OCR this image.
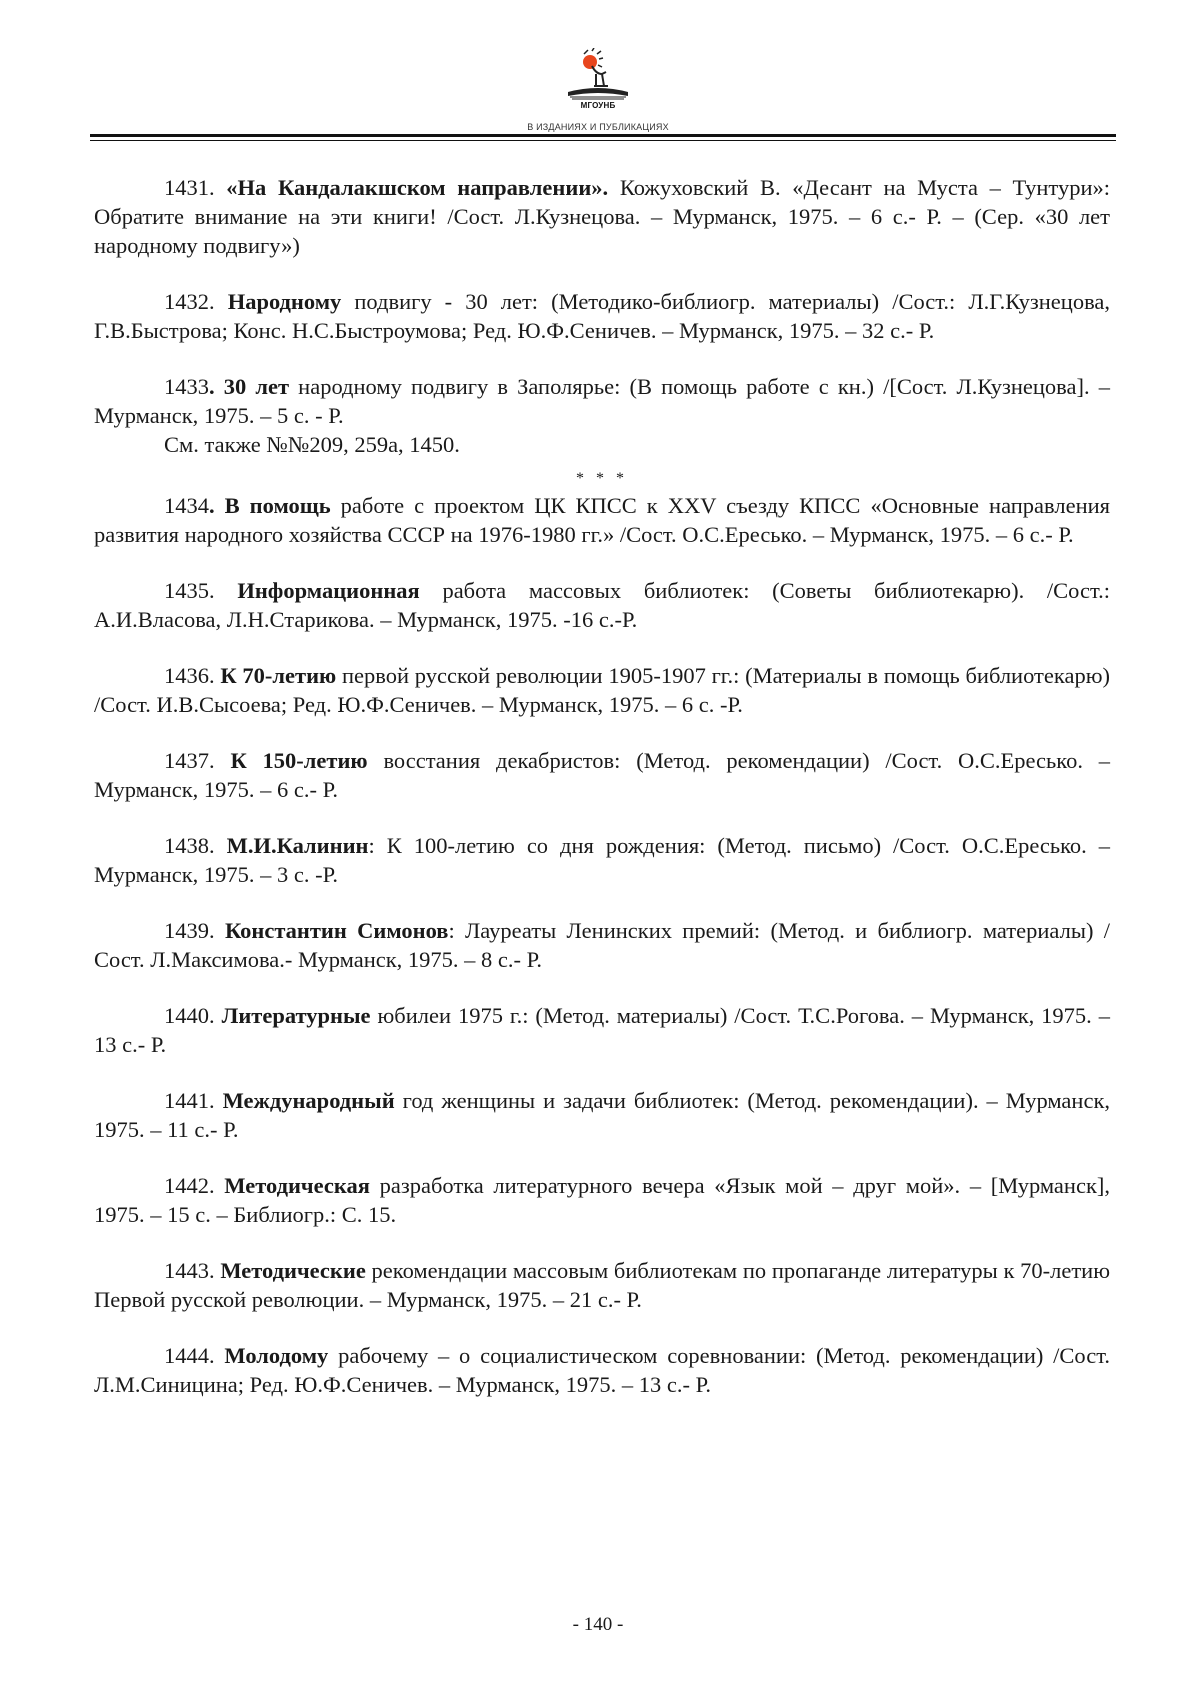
МГОУНБ
В ИЗДАНИЯХ И ПУБЛИКАЦИЯХ

1431. «На Кандалакшском направлении». Кожуховский В. «Десант на Муста – Тунтури»: Обратите внимание на эти книги! /Сост. Л.Кузнецова. – Мурманск, 1975. – 6 с.- Р. – (Сер. «30 лет народному подвигу»)

1432. Народному подвигу - 30 лет: (Методико-библиогр. материалы) /Сост.: Л.Г.Кузнецова, Г.В.Быстрова; Конс. Н.С.Быстроумова; Ред. Ю.Ф.Сеничев. – Мурманск, 1975. – 32 с.- Р.

1433. 30 лет народному подвигу в Заполярье: (В помощь работе с кн.) /[Сост. Л.Кузнецова]. – Мурманск, 1975. – 5 с. - Р.

См. также №№209, 259а, 1450.

* * *

1434. В помощь работе с проектом ЦК КПСС к XXV съезду КПСС «Основные направления развития народного хозяйства СССР на 1976-1980 гг.» /Сост. О.С.Ересько. – Мурманск, 1975. – 6 с.- Р.

1435. Информационная работа массовых библиотек: (Советы библиотекарю). /Сост.: А.И.Власова, Л.Н.Старикова. – Мурманск, 1975. -16 с.-Р.

1436. К 70-летию первой русской революции 1905-1907 гг.: (Материалы в помощь библиотекарю) /Сост. И.В.Сысоева; Ред. Ю.Ф.Сеничев. – Мурманск, 1975. – 6 с. -Р.

1437. К 150-летию восстания декабристов: (Метод. рекомендации) /Сост. О.С.Ересько. – Мурманск, 1975. – 6 с.- Р.

1438. М.И.Калинин: К 100-летию со дня рождения: (Метод. письмо) /Сост. О.С.Ересько. – Мурманск, 1975. – 3 с. -Р.

1439. Константин Симонов: Лауреаты Ленинских премий: (Метод. и библиогр. материалы) /Сост. Л.Максимова.- Мурманск, 1975. – 8 с.- Р.

1440. Литературные юбилеи 1975 г.: (Метод. материалы) /Сост. Т.С.Рогова. – Мурманск, 1975. – 13 с.- Р.

1441. Международный год женщины и задачи библиотек: (Метод. рекомендации). – Мурманск, 1975. – 11 с.- Р.

1442. Методическая разработка литературного вечера «Язык мой – друг мой». – [Мурманск], 1975. – 15 с. – Библиогр.: С. 15.

1443. Методические рекомендации массовым библиотекам по пропаганде литературы к 70-летию Первой русской революции. – Мурманск, 1975. – 21 с.- Р.

1444. Молодому рабочему – о социалистическом соревновании: (Метод. рекомендации) /Сост. Л.М.Синицина; Ред. Ю.Ф.Сеничев. – Мурманск, 1975. – 13 с.- Р.

- 140 -
